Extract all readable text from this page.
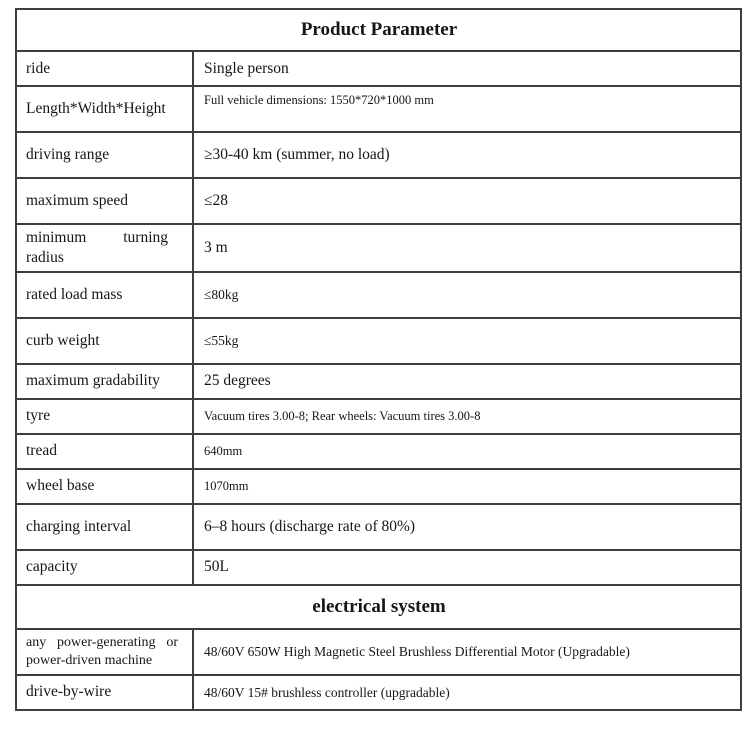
Product Parameter	
ride	Single person
Length*Width*Height	Full vehicle dimensions: 1550*720*1000 mm
driving range	≥30-40 km (summer, no load)
maximum speed	≤28
minimum turning radius	3 m
rated load mass	≤80kg
curb weight	≤55kg
maximum gradability	25 degrees
tyre	Vacuum tires 3.00-8; Rear wheels: Vacuum tires 3.00-8
tread	640mm
wheel base	1070mm
charging interval	6–8 hours (discharge rate of 80%)
capacity	50L
electrical system	
any power-generating or power-driven machine	48/60V 650W High Magnetic Steel Brushless Differential Motor (Upgradable)
drive-by-wire	48/60V 15# brushless controller (upgradable)
